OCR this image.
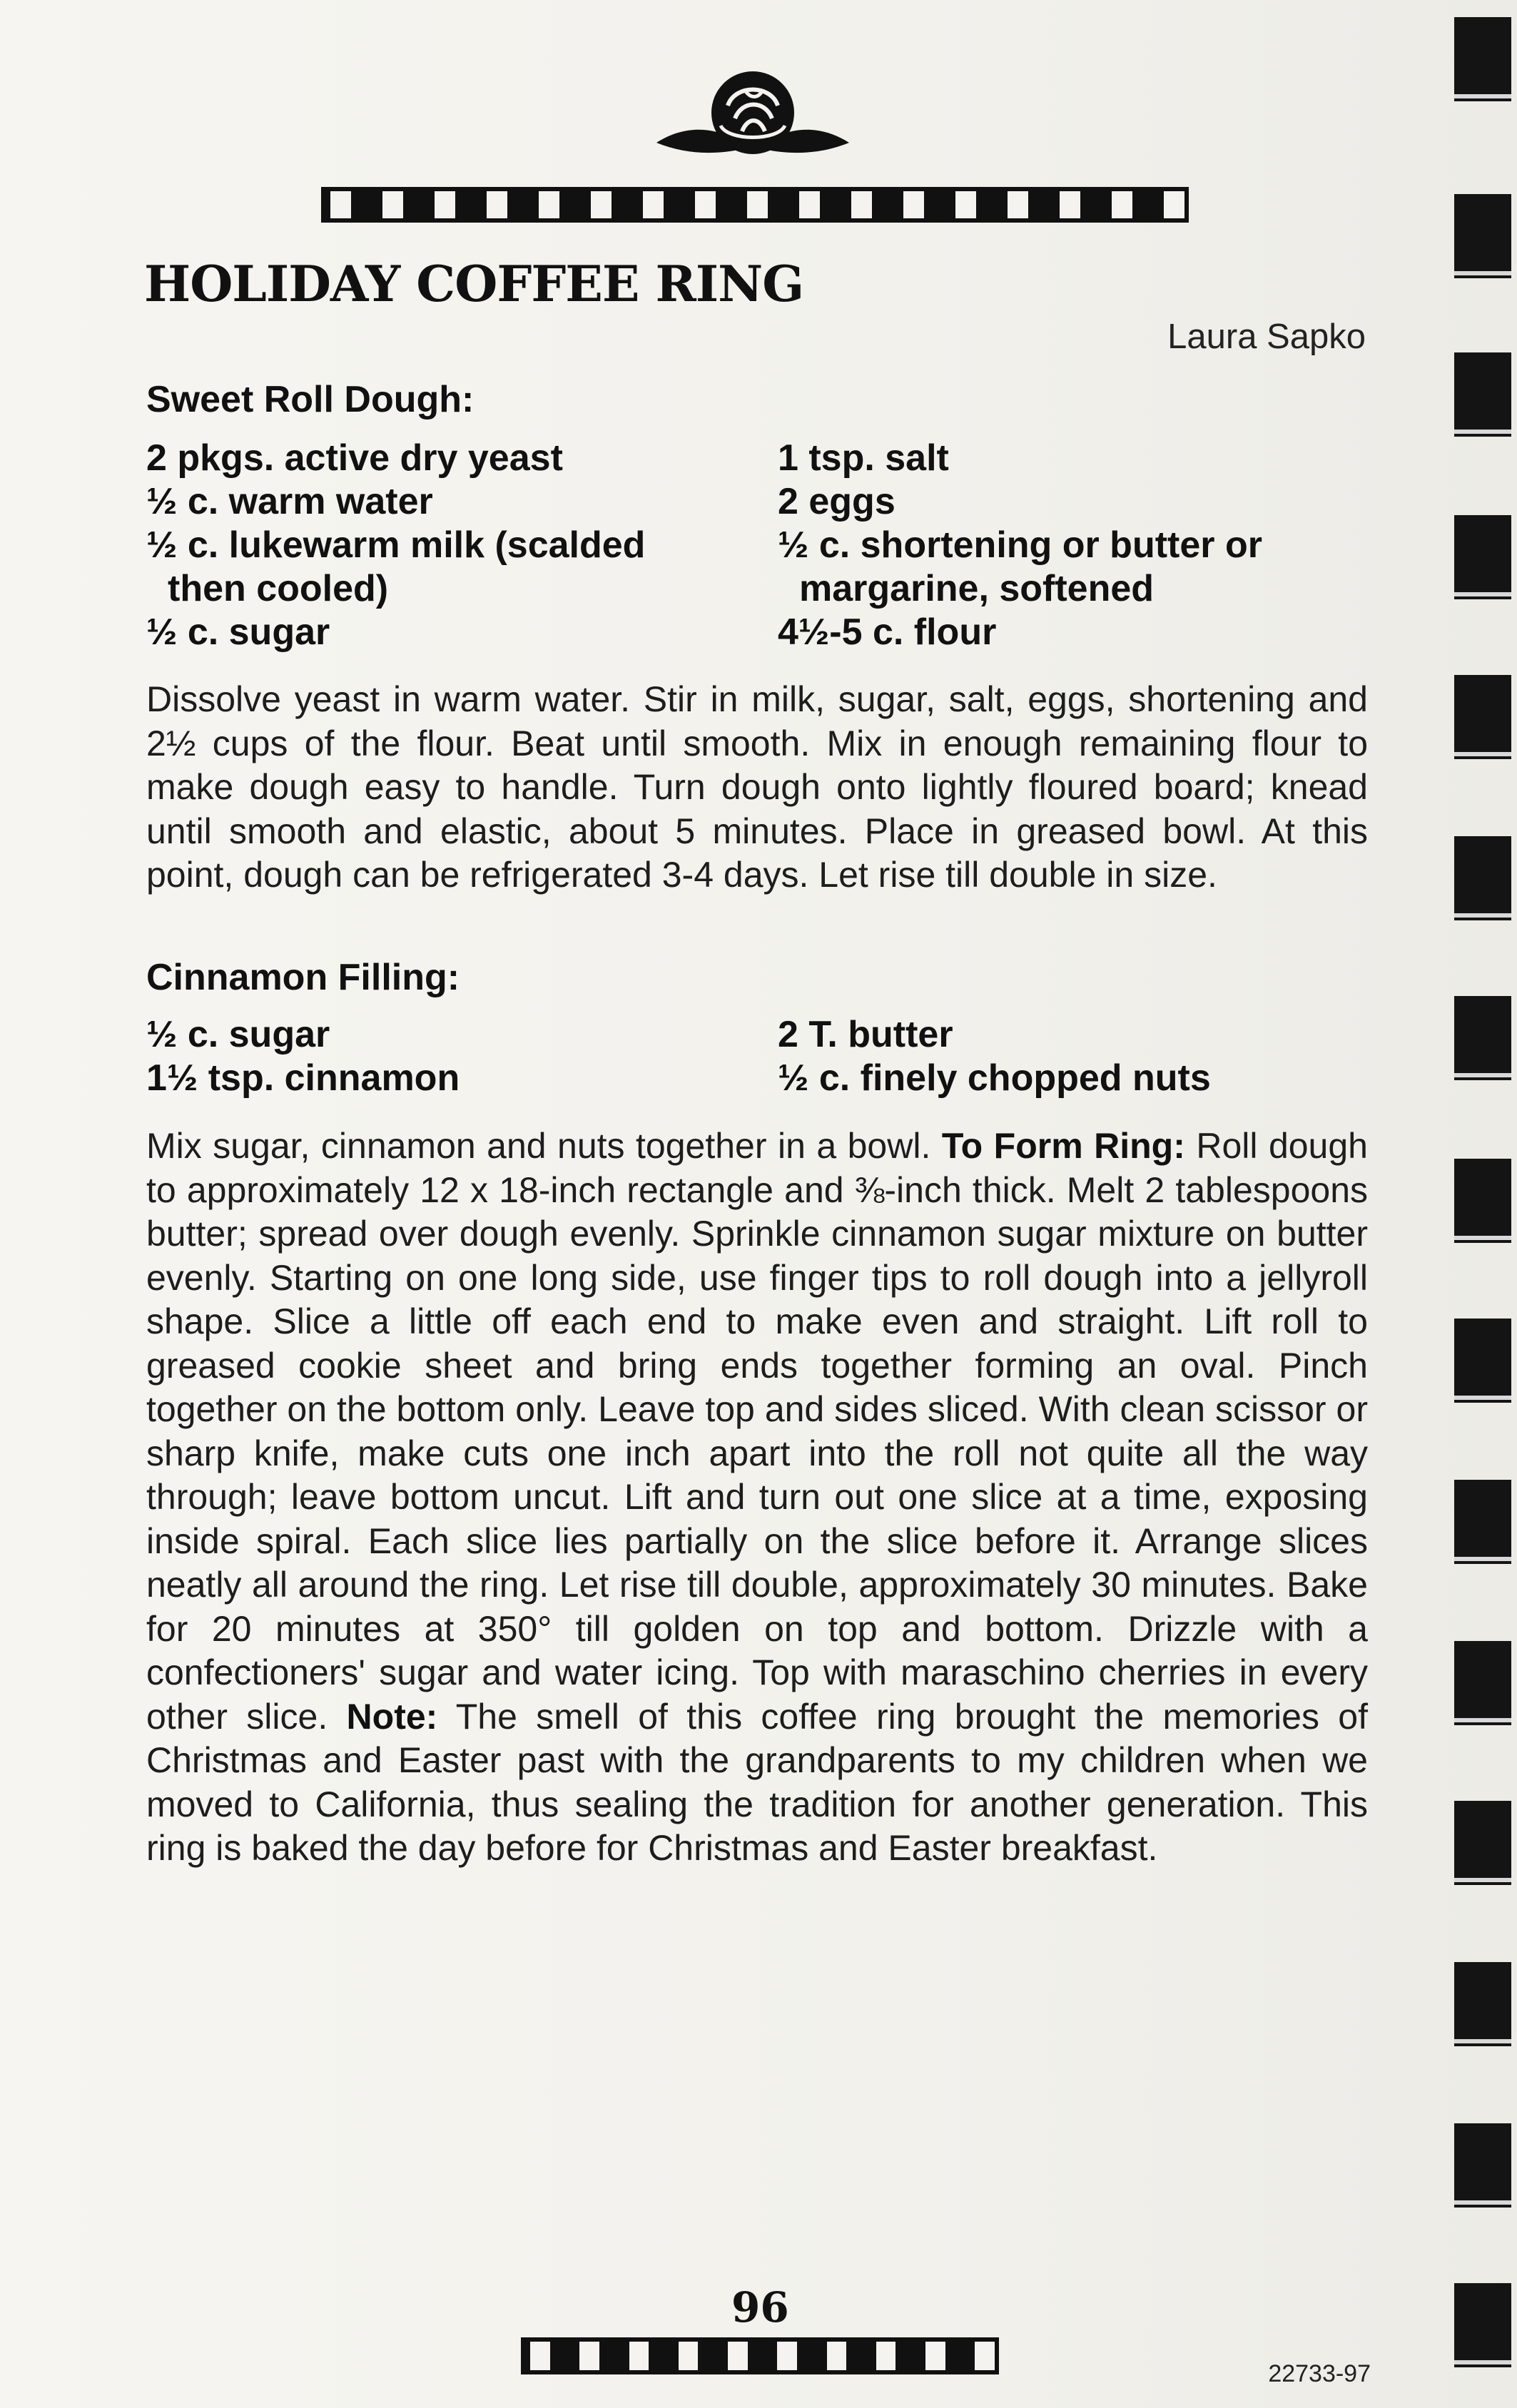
HOLIDAY COFFEE RING
Laura Sapko
Sweet Roll Dough:
2 pkgs. active dry yeast
½ c. warm water
½ c. lukewarm milk (scalded
then cooled)
½ c. sugar
1 tsp. salt
2 eggs
½ c. shortening or butter or
margarine, softened
4½-5 c. flour

Dissolve yeast in warm water. Stir in milk, sugar, salt, eggs, shortening and 2½ cups of the flour. Beat until smooth. Mix in enough remaining flour to make dough easy to handle. Turn dough onto lightly floured board; knead until smooth and elastic, about 5 minutes. Place in greased bowl. At this point, dough can be refrigerated 3-4 days. Let rise till double in size.

Cinnamon Filling:
½ c. sugar
1½ tsp. cinnamon
2 T. butter
½ c. finely chopped nuts

Mix sugar, cinnamon and nuts together in a bowl. To Form Ring: Roll dough to approximately 12 x 18-inch rectangle and ⅜-inch thick. Melt 2 tablespoons butter; spread over dough evenly. Sprinkle cinnamon sugar mixture on butter evenly. Starting on one long side, use finger tips to roll dough into a jellyroll shape. Slice a little off each end to make even and straight. Lift roll to greased cookie sheet and bring ends together forming an oval. Pinch together on the bottom only. Leave top and sides sliced. With clean scissor or sharp knife, make cuts one inch apart into the roll not quite all the way through; leave bottom uncut. Lift and turn out one slice at a time, exposing inside spiral. Each slice lies partially on the slice before it. Arrange slices neatly all around the ring. Let rise till double, approximately 30 minutes. Bake for 20 minutes at 350° till golden on top and bottom. Drizzle with a confectioners' sugar and water icing. Top with maraschino cherries in every other slice. Note: The smell of this coffee ring brought the memories of Christmas and Easter past with the grandparents to my children when we moved to California, thus sealing the tradition for another generation. This ring is baked the day before for Christmas and Easter breakfast.

96
22733-97
